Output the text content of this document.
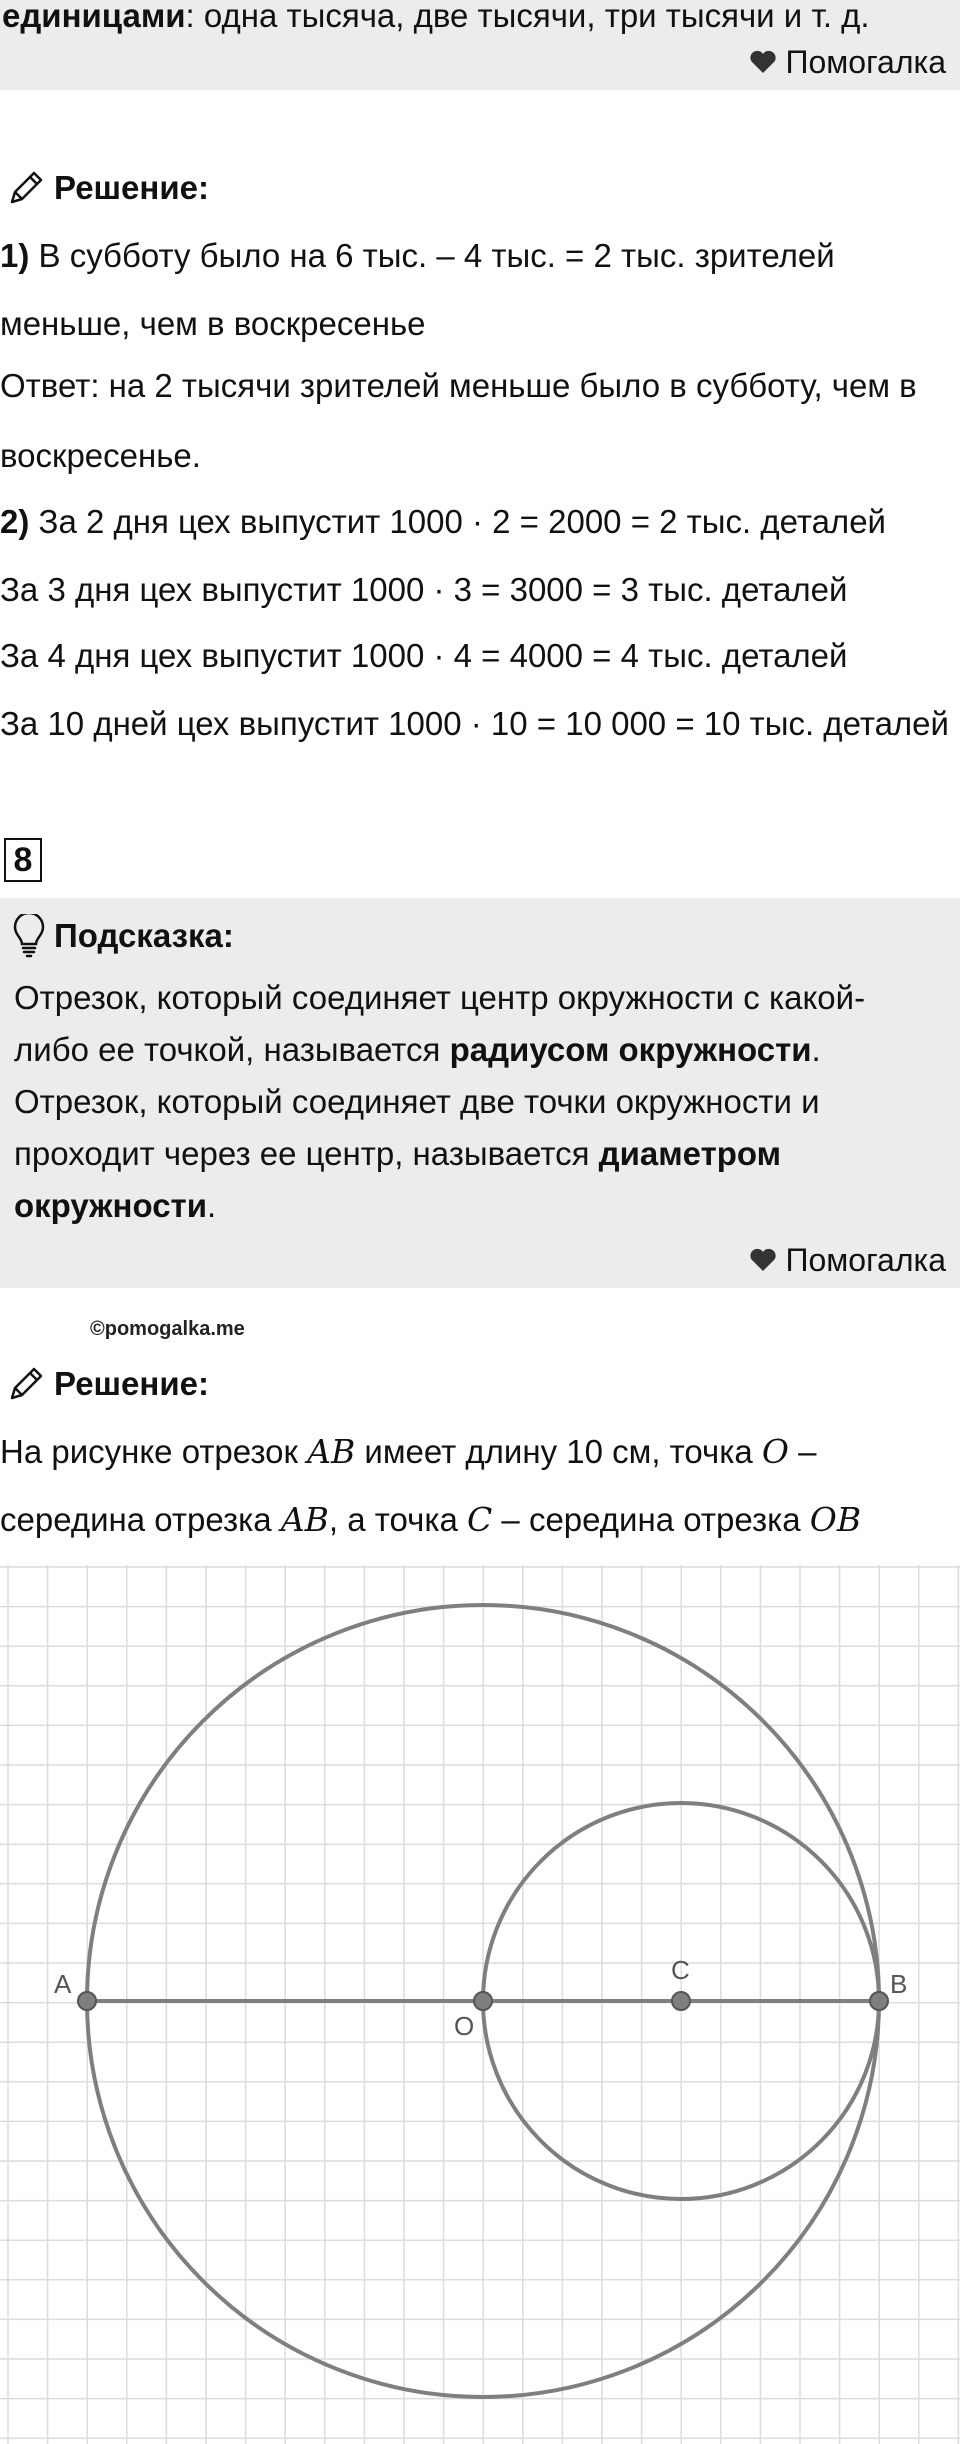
единицами: одна тысяча, две тысячи, три тысячи и т. д.
Помогалка
Решение:
1) В субботу было на 6 тыс. – 4 тыс. = 2 тыс. зрителей
меньше, чем в воскресенье
Ответ: на 2 тысячи зрителей меньше было в субботу, чем в
воскресенье.
2) За 2 дня цех выпустит 1000 · 2 = 2000 = 2 тыс. деталей
За 3 дня цех выпустит 1000 · 3 = 3000 = 3 тыс. деталей
За 4 дня цех выпустит 1000 · 4 = 4000 = 4 тыс. деталей
За 10 дней цех выпустит 1000 · 10 = 10 000 = 10 тыс. деталей
8
Подсказка:
Отрезок, который соединяет центр окружности с какой-
либо ее точкой, называется радиусом окружности.
Отрезок, который соединяет две точки окружности и
проходит через ее центр, называется диаметром
окружности.
Помогалка
©pomogalka.me
Решение:
На рисунке отрезок AB имеет длину 10 см, точка O –
середина отрезка AB, а точка C – середина отрезка OB
A
O
C	B
